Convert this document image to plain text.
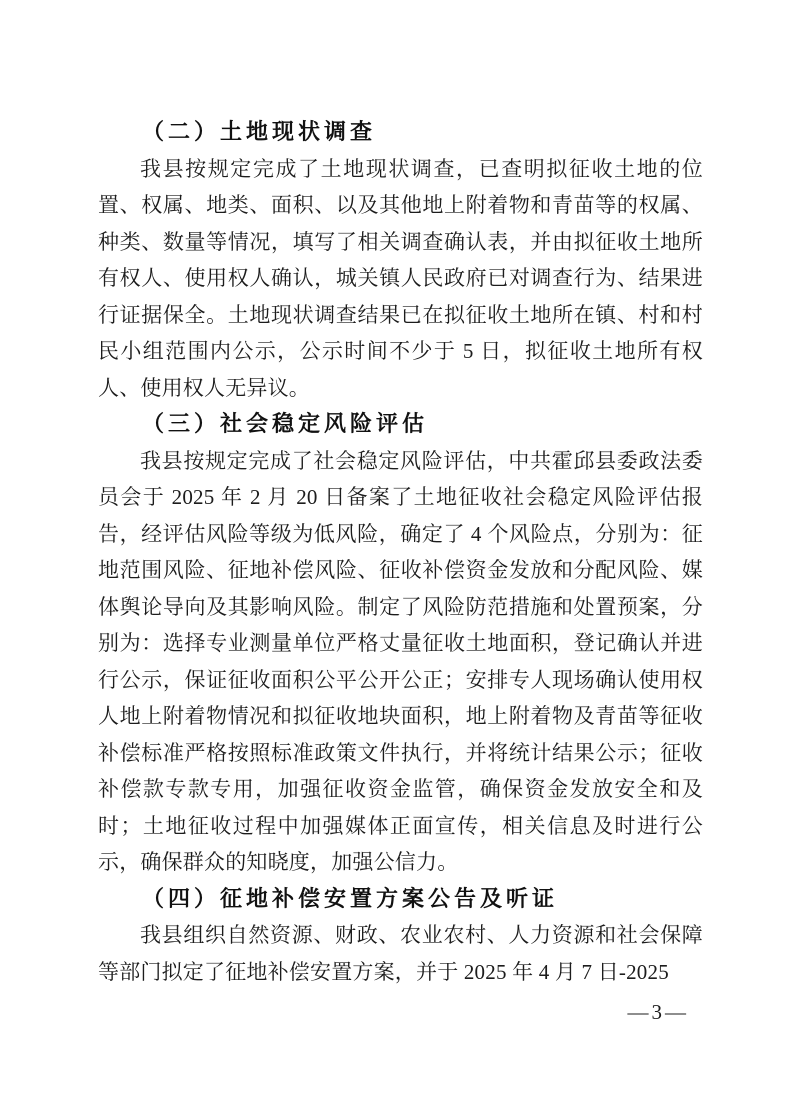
（二）土地现状调查

我县按规定完成了土地现状调查，已查明拟征收土地的位置、权属、地类、面积、以及其他地上附着物和青苗等的权属、种类、数量等情况，填写了相关调查确认表，并由拟征收土地所有权人、使用权人确认，城关镇人民政府已对调查行为、结果进行证据保全。土地现状调查结果已在拟征收土地所在镇、村和村民小组范围内公示，公示时间不少于 5 日，拟征收土地所有权人、使用权人无异议。

（三）社会稳定风险评估

我县按规定完成了社会稳定风险评估，中共霍邱县委政法委员会于 2025 年 2 月 20 日备案了土地征收社会稳定风险评估报告，经评估风险等级为低风险，确定了 4 个风险点，分别为：征地范围风险、征地补偿风险、征收补偿资金发放和分配风险、媒体舆论导向及其影响风险。制定了风险防范措施和处置预案，分别为：选择专业测量单位严格丈量征收土地面积，登记确认并进行公示，保证征收面积公平公开公正；安排专人现场确认使用权人地上附着物情况和拟征收地块面积，地上附着物及青苗等征收补偿标准严格按照标准政策文件执行，并将统计结果公示；征收补偿款专款专用，加强征收资金监管，确保资金发放安全和及时；土地征收过程中加强媒体正面宣传，相关信息及时进行公示，确保群众的知晓度，加强公信力。

（四）征地补偿安置方案公告及听证

我县组织自然资源、财政、农业农村、人力资源和社会保障等部门拟定了征地补偿安置方案，并于 2025 年 4 月 7 日-2025

—3—
